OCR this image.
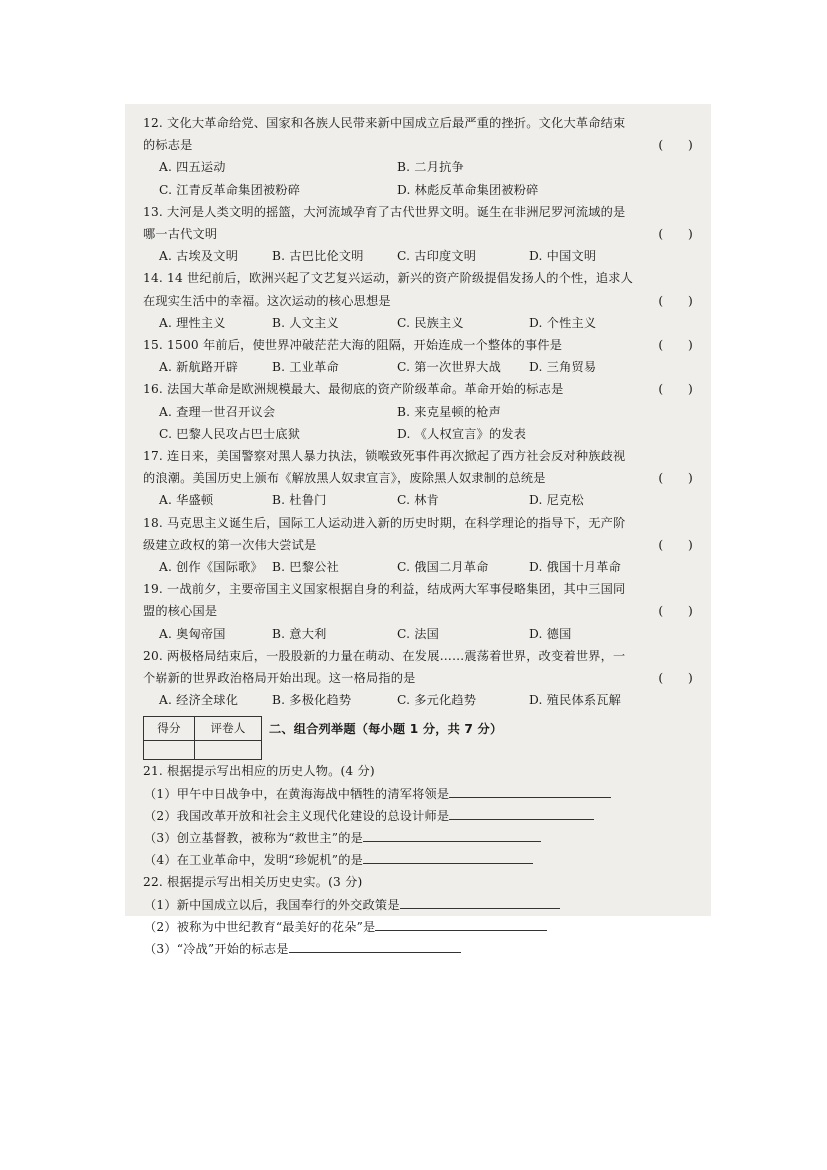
12. 文化大革命给党、国家和各族人民带来新中国成立后最严重的挫折。文化大革命结束
的标志是	(　　)
A. 四五运动	B. 二月抗争
C. 江青反革命集团被粉碎	D. 林彪反革命集团被粉碎
13. 大河是人类文明的摇篮，大河流域孕育了古代世界文明。诞生在非洲尼罗河流域的是
哪一古代文明	(　　)
A. 古埃及文明	B. 古巴比伦文明	C. 古印度文明	D. 中国文明
14. 14 世纪前后，欧洲兴起了文艺复兴运动，新兴的资产阶级提倡发扬人的个性，追求人
在现实生活中的幸福。这次运动的核心思想是	(　　)
A. 理性主义	B. 人文主义	C. 民族主义	D. 个性主义
15. 1500 年前后，使世界冲破茫茫大海的阻隔，开始连成一个整体的事件是	(　　)
A. 新航路开辟	B. 工业革命	C. 第一次世界大战 D. 三角贸易
16. 法国大革命是欧洲规模最大、最彻底的资产阶级革命。革命开始的标志是	(　　)
A. 查理一世召开议会	B. 来克星顿的枪声
C. 巴黎人民攻占巴士底狱	D. 《人权宣言》的发表
17. 连日来，美国警察对黑人暴力执法，锁喉致死事件再次掀起了西方社会反对种族歧视
的浪潮。美国历史上颁布《解放黑人奴隶宣言》，废除黑人奴隶制的总统是	(　　)
A. 华盛顿	B. 杜鲁门	C. 林肯	D. 尼克松
18. 马克思主义诞生后，国际工人运动进入新的历史时期，在科学理论的指导下，无产阶
级建立政权的第一次伟大尝试是	(　　)
A. 创作《国际歌》 B. 巴黎公社	C. 俄国二月革命	D. 俄国十月革命
19. 一战前夕，主要帝国主义国家根据自身的利益，结成两大军事侵略集团，其中三国同
盟的核心国是	(　　)
A. 奥匈帝国	B. 意大利	C. 法国	D. 德国
20. 两极格局结束后，一股股新的力量在萌动、在发展……震荡着世界，改变着世界，一
个崭新的世界政治格局开始出现。这一格局指的是	(　　)
A. 经济全球化	B. 多极化趋势	C. 多元化趋势	D. 殖民体系瓦解
得分	评卷人
	二、组合列举题（每小题 1 分，共 7 分）
21. 根据提示写出相应的历史人物。(4 分)
（1）甲午中日战争中，在黄海海战中牺牲的清军将领是
（2）我国改革开放和社会主义现代化建设的总设计师是
（3）创立基督教，被称为“救世主”的是
（4）在工业革命中，发明“珍妮机”的是
22. 根据提示写出相关历史史实。(3 分)
（1）新中国成立以后，我国奉行的外交政策是
（2）被称为中世纪教育“最美好的花朵”是
（3）“冷战”开始的标志是
